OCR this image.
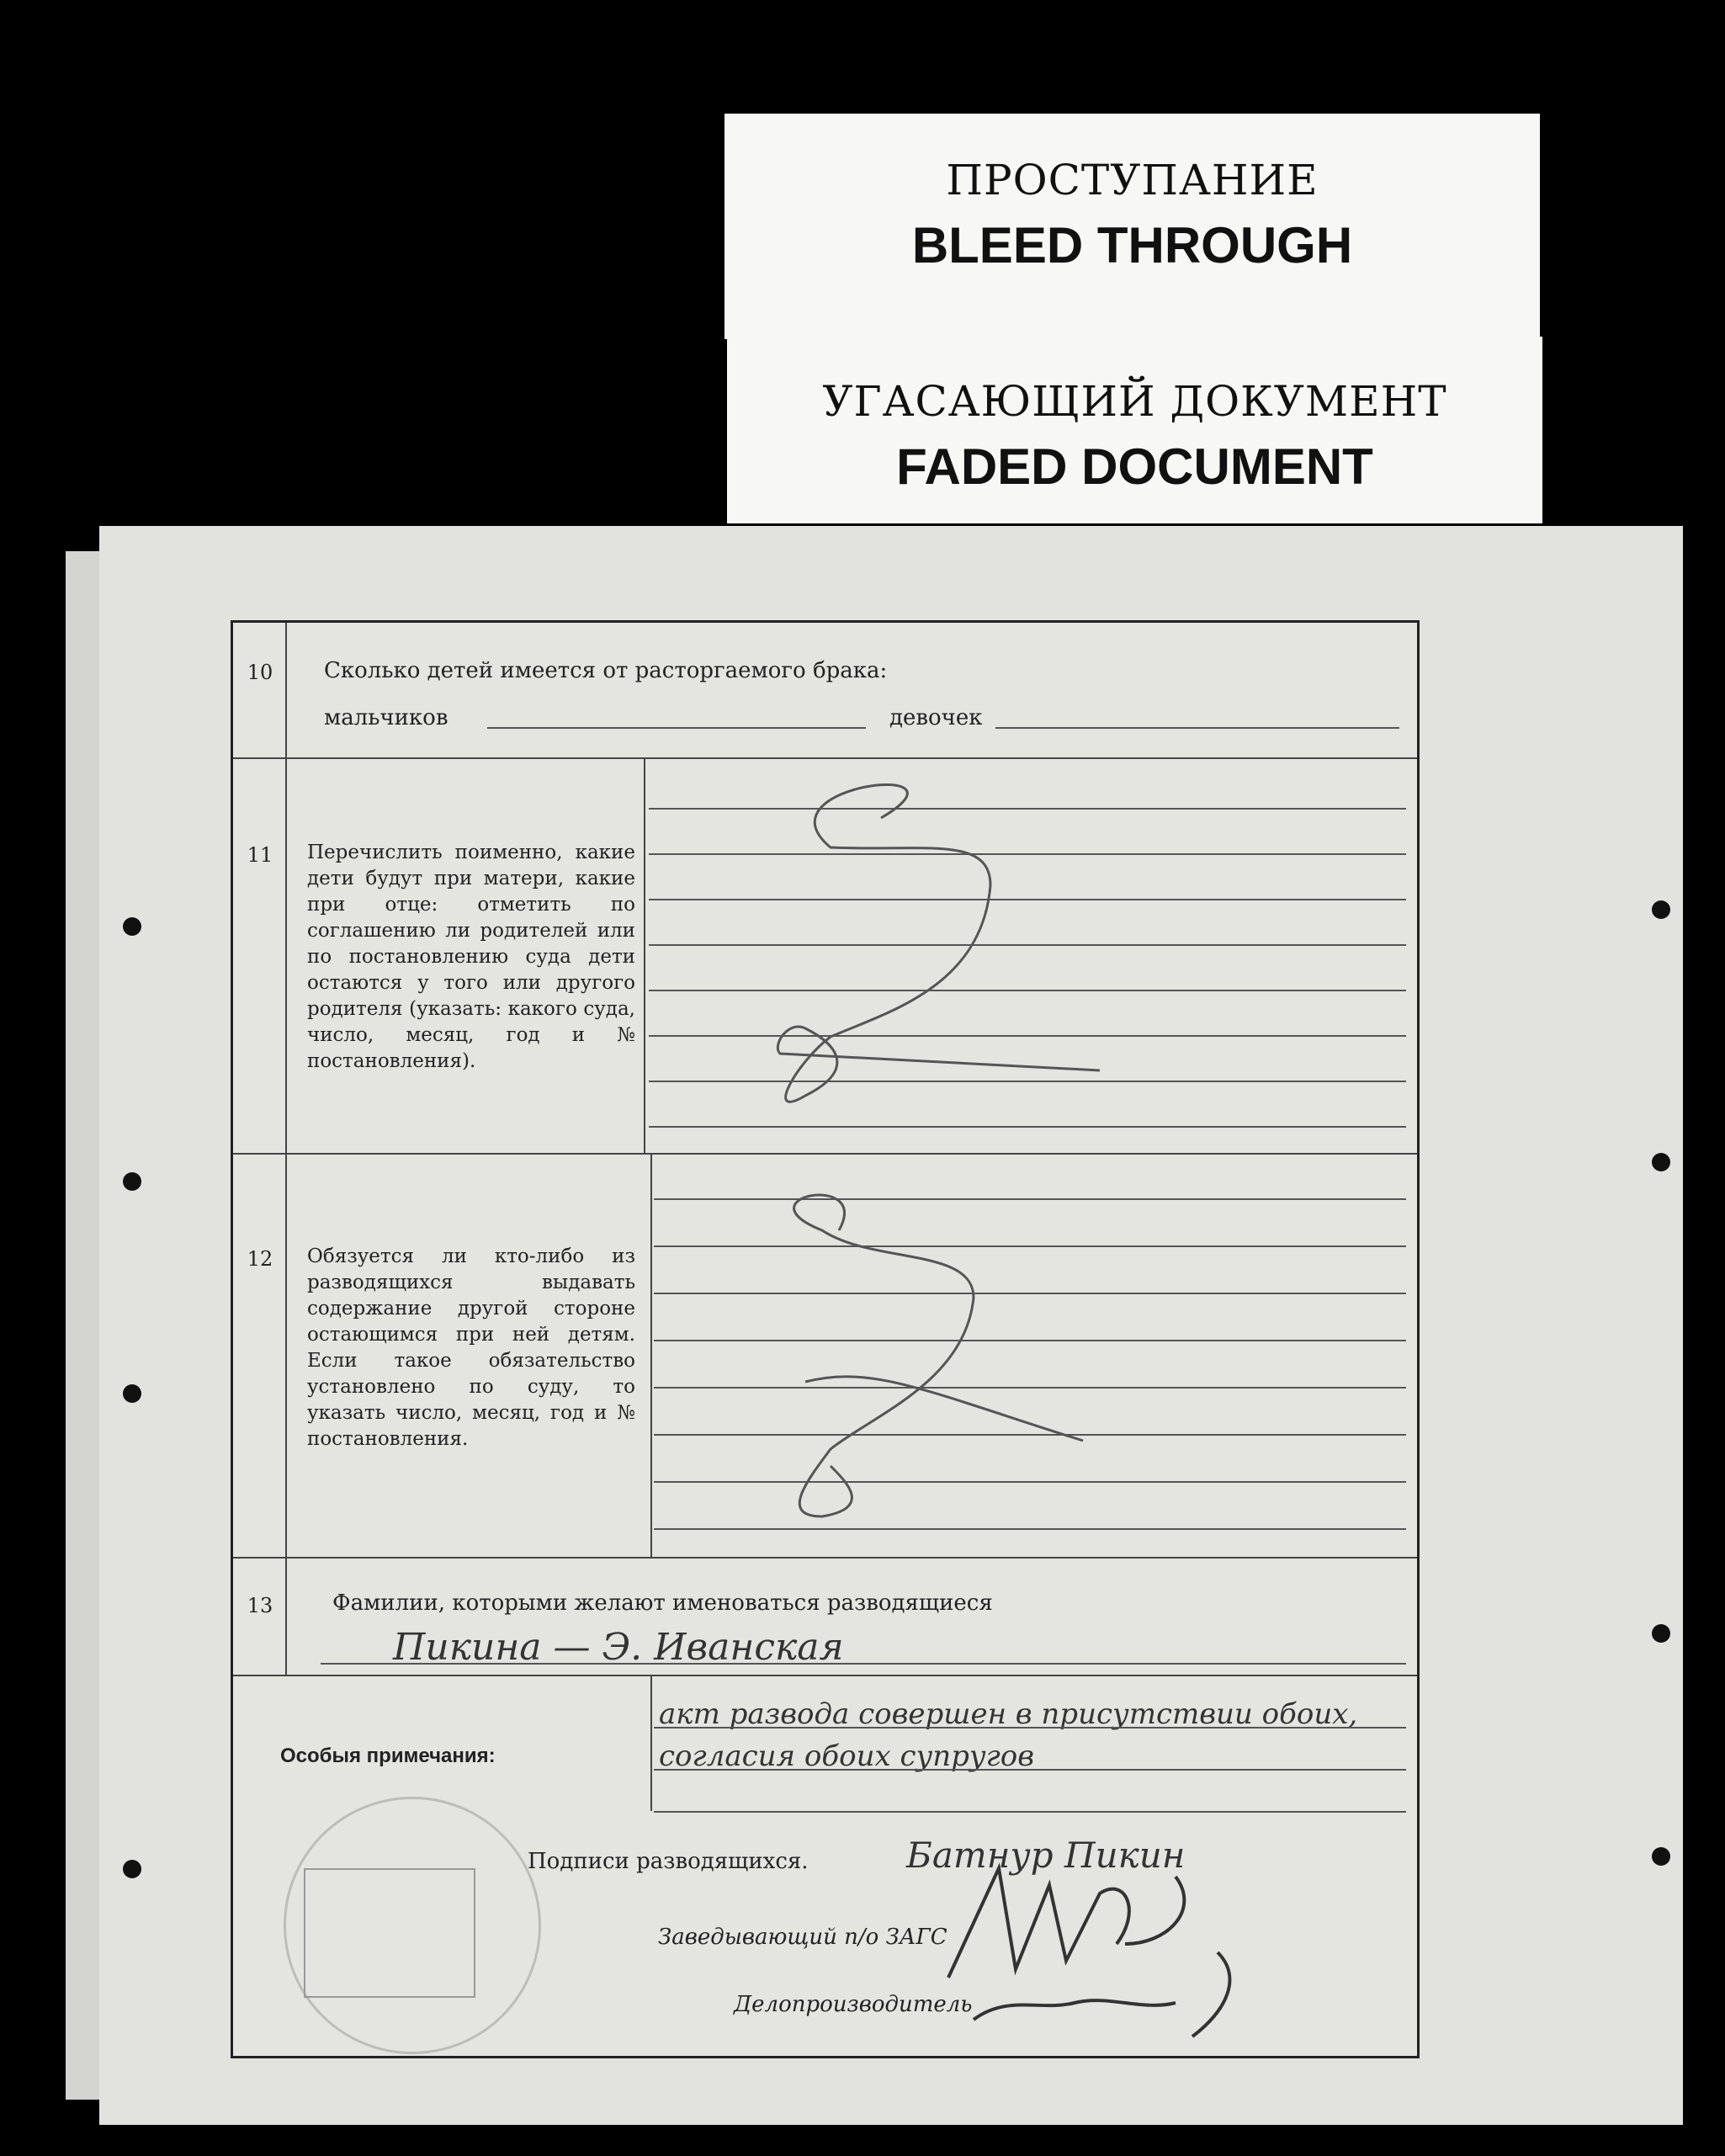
ПРОСТУПАНИЕ
BLEED THROUGH
УГАСАЮЩИЙ ДОКУМЕНТ
FADED DOCUMENT
10	Сколько детей имеется от расторгаемого брака:
мальчиков	девочек
11	Перечислить поименно, какие дети будут при матери, какие при отце: отметить по соглашению ли родителей или по постановлению суда дети остаются у того или другого родителя (указать: какого суда, число, месяц, год и № постановления).
12	Обязуется ли кто-либо из разводящихся выдавать содержание другой стороне остающимся при ней детям. Если такое обязательство установлено по суду, то указать число, месяц, год и № постановления.
13	Фамилии, которыми желают именоваться разводящиеся
Пикина — Э. Иванская
Особыя примечания:
акт развода совершен в присутствии обоих, согласия обоих супругов
Подписи разводящихся.	Батнур Пикин
Заведывающий п/о ЗАГС
Делопроизводитель
